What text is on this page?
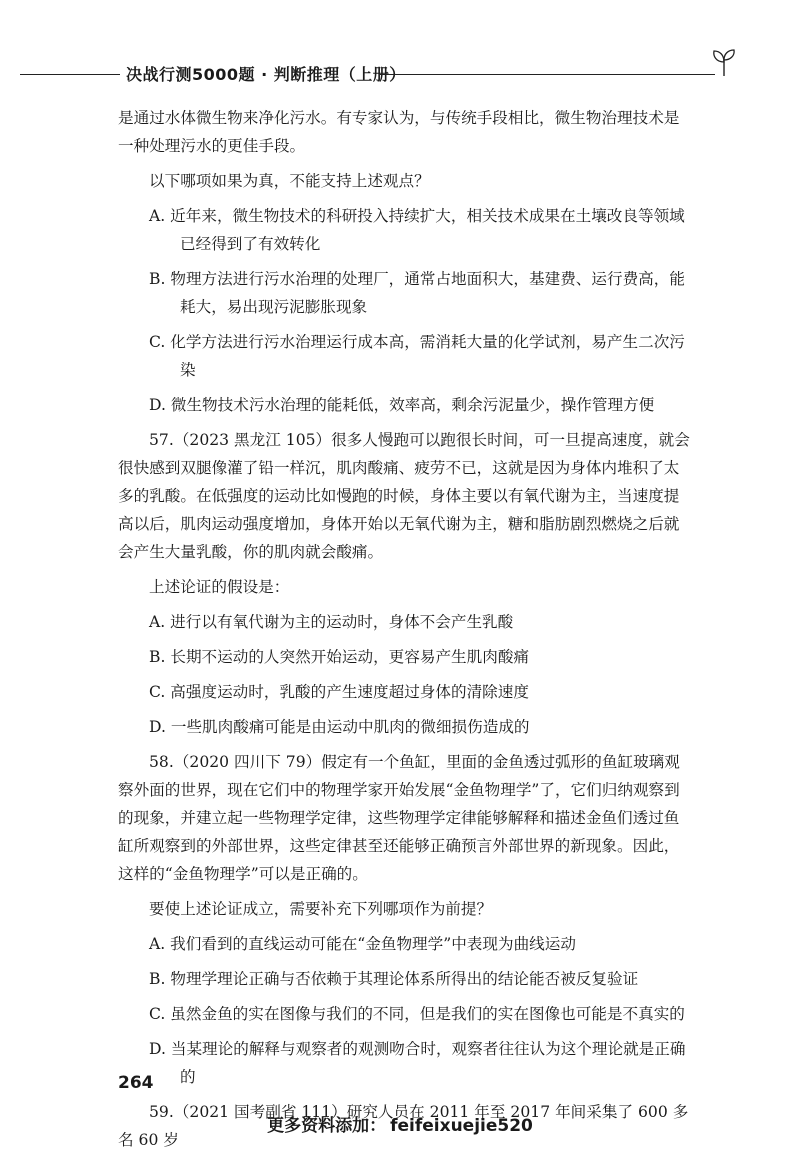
决战行测5000题 · 判断推理（上册）

是通过水体微生物来净化污水。有专家认为，与传统手段相比，微生物治理技术是一种处理污水的更佳手段。

以下哪项如果为真，不能支持上述观点？

A. 近年来，微生物技术的科研投入持续扩大，相关技术成果在土壤改良等领域已经得到了有效转化

B. 物理方法进行污水治理的处理厂，通常占地面积大，基建费、运行费高，能耗大，易出现污泥膨胀现象

C. 化学方法进行污水治理运行成本高，需消耗大量的化学试剂，易产生二次污染

D. 微生物技术污水治理的能耗低，效率高，剩余污泥量少，操作管理方便

57.（2023 黑龙江 105）很多人慢跑可以跑很长时间，可一旦提高速度，就会很快感到双腿像灌了铅一样沉，肌肉酸痛、疲劳不已，这就是因为身体内堆积了太多的乳酸。在低强度的运动比如慢跑的时候，身体主要以有氧代谢为主，当速度提高以后，肌肉运动强度增加，身体开始以无氧代谢为主，糖和脂肪剧烈燃烧之后就会产生大量乳酸，你的肌肉就会酸痛。

上述论证的假设是：

A. 进行以有氧代谢为主的运动时，身体不会产生乳酸

B. 长期不运动的人突然开始运动，更容易产生肌肉酸痛

C. 高强度运动时，乳酸的产生速度超过身体的清除速度

D. 一些肌肉酸痛可能是由运动中肌肉的微细损伤造成的

58.（2020 四川下 79）假定有一个鱼缸，里面的金鱼透过弧形的鱼缸玻璃观察外面的世界，现在它们中的物理学家开始发展“金鱼物理学”了，它们归纳观察到的现象，并建立起一些物理学定律，这些物理学定律能够解释和描述金鱼们透过鱼缸所观察到的外部世界，这些定律甚至还能够正确预言外部世界的新现象。因此，这样的“金鱼物理学”可以是正确的。

要使上述论证成立，需要补充下列哪项作为前提？

A. 我们看到的直线运动可能在“金鱼物理学”中表现为曲线运动

B. 物理学理论正确与否依赖于其理论体系所得出的结论能否被反复验证

C. 虽然金鱼的实在图像与我们的不同，但是我们的实在图像也可能是不真实的

D. 当某理论的解释与观察者的观测吻合时，观察者往往认为这个理论就是正确的

59.（2021 国考副省 111）研究人员在 2011 年至 2017 年间采集了 600 多名 60 岁

264
更多资料添加： feifeixuejie520
